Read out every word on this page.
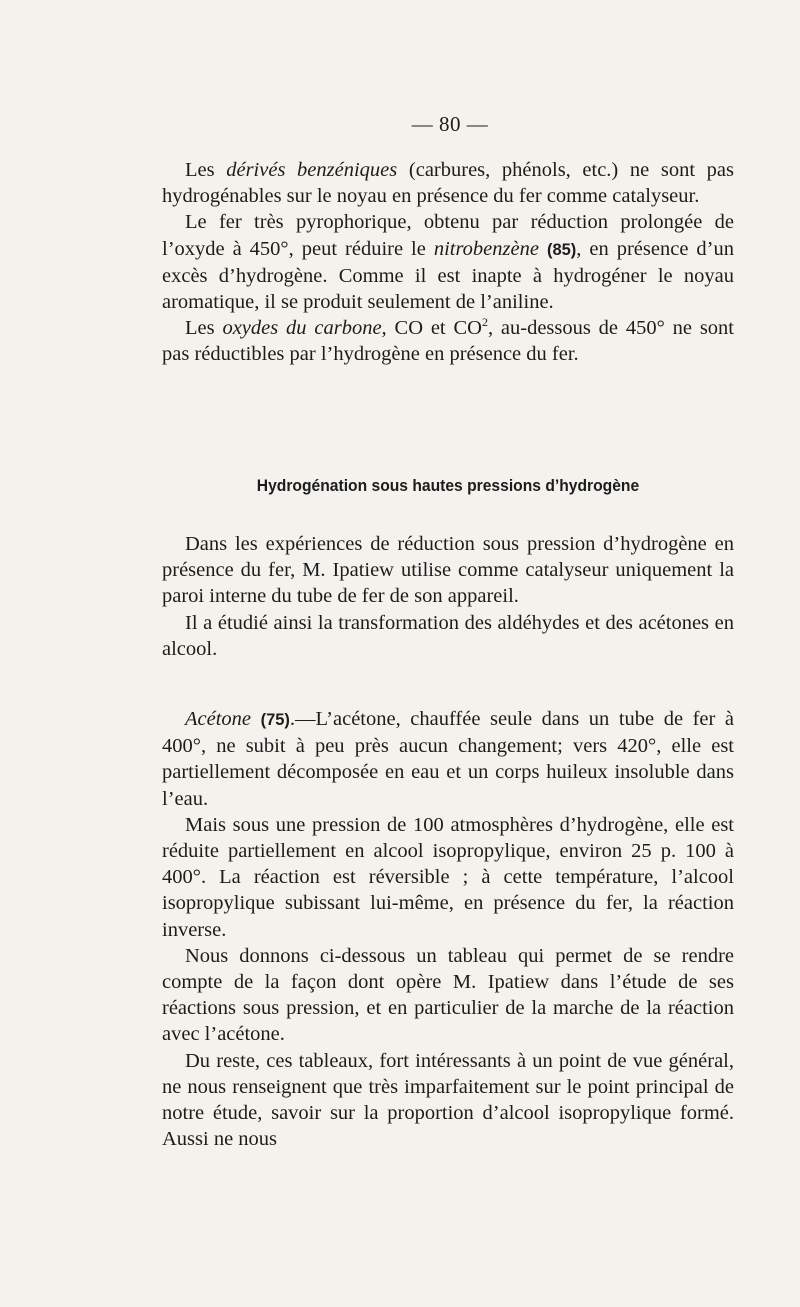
— 80 —

Les dérivés benzéniques (carbures, phénols, etc.) ne sont pas hydrogénables sur le noyau en présence du fer comme catalyseur.

Le fer très pyrophorique, obtenu par réduction prolongée de l’oxyde à 450°, peut réduire le nitrobenzène (85), en présence d’un excès d’hydrogène. Comme il est inapte à hydrogéner le noyau aromatique, il se produit seulement de l’aniline.

Les oxydes du carbone, CO et $CO^2$, au-dessous de 450° ne sont pas réductibles par l’hydrogène en présence du fer.

Hydrogénation sous hautes pressions d’hydrogène

Dans les expériences de réduction sous pression d’hydrogène en présence du fer, M. Ipatiew utilise comme catalyseur uniquement la paroi interne du tube de fer de son appareil.

Il a étudié ainsi la transformation des aldéhydes et des acétones en alcool.

Acétone (75).—L’acétone, chauffée seule dans un tube de fer à 400°, ne subit à peu près aucun changement; vers 420°, elle est partiellement décomposée en eau et un corps huileux insoluble dans l’eau.

Mais sous une pression de 100 atmosphères d’hydrogène, elle est réduite partiellement en alcool isopropylique, environ 25 p. 100 à 400°. La réaction est réversible ; à cette température, l’alcool isopropylique subissant lui-même, en présence du fer, la réaction inverse.

Nous donnons ci-dessous un tableau qui permet de se rendre compte de la façon dont opère M. Ipatiew dans l’étude de ses réactions sous pression, et en particulier de la marche de la réaction avec l’acétone.

Du reste, ces tableaux, fort intéressants à un point de vue général, ne nous renseignent que très imparfaitement sur le point principal de notre étude, savoir sur la proportion d’alcool isopropylique formé. Aussi ne nous
